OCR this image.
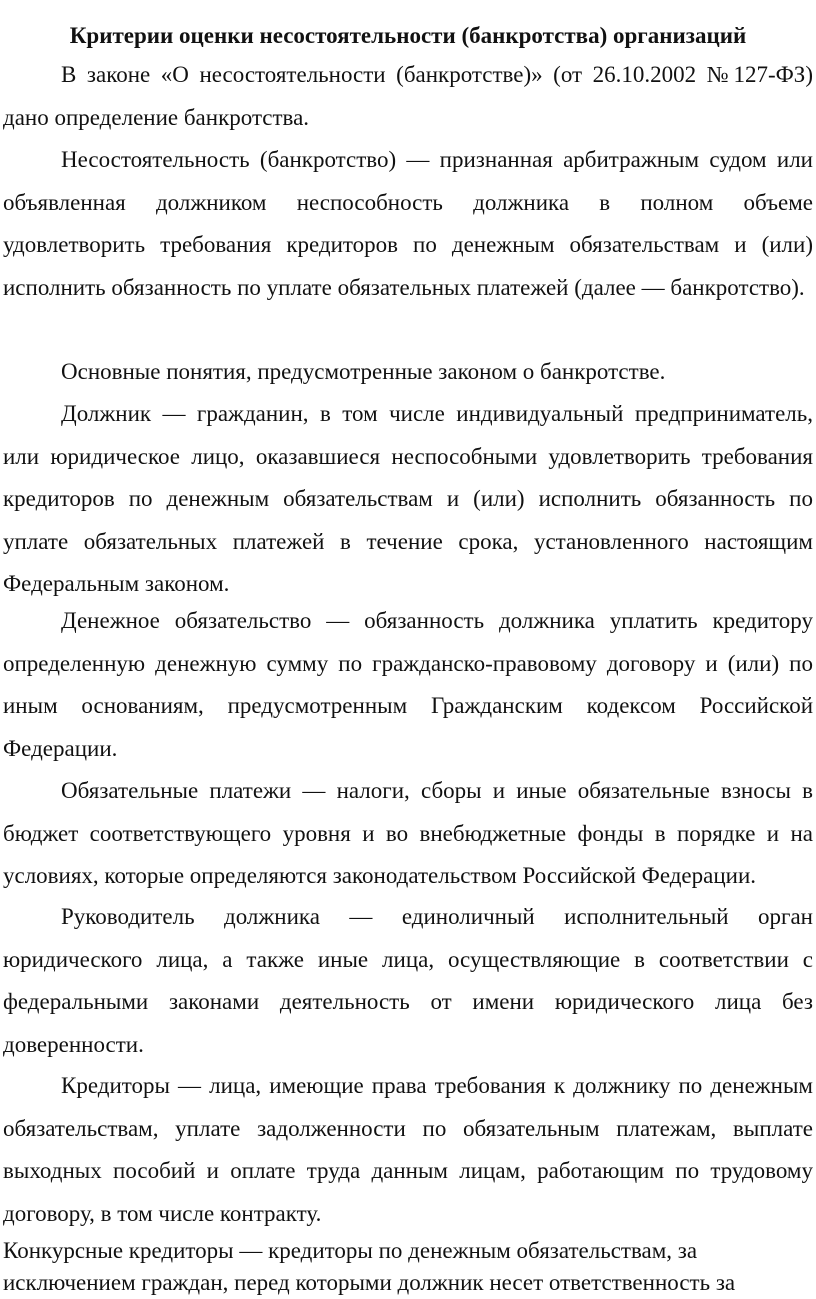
Критерии оценки несостоятельности (банкротства) организаций

В законе «О несостоятельности (банкротстве)» (от 26.10.2002 №127-ФЗ) дано определение банкротства.

Несостоятельность (банкротство) — признанная арбитражным судом или объявленная должником неспособность должника в полном объеме удовлетворить требования кредиторов по денежным обязательствам и (или) исполнить обязанность по уплате обязательных платежей (далее — банкротство).

Основные понятия, предусмотренные законом о банкротстве.

Должник — гражданин, в том числе индивидуальный предприниматель, или юридическое лицо, оказавшиеся неспособными удовлетворить требования кредиторов по денежным обязательствам и (или) исполнить обязанность по уплате обязательных платежей в течение срока, установленного настоящим Федеральным законом.

Денежное обязательство — обязанность должника уплатить кредитору определенную денежную сумму по гражданско-правовому договору и (или) по иным основаниям, предусмотренным Гражданским кодексом Российской Федерации.

Обязательные платежи — налоги, сборы и иные обязательные взносы в бюджет соответствующего уровня и во внебюджетные фонды в порядке и на условиях, которые определяются законодательством Российской Федерации.

Руководитель должника — единоличный исполнительный орган юридического лица, а также иные лица, осуществляющие в соответствии с федеральными законами деятельность от имени юридического лица без доверенности.

Кредиторы — лица, имеющие права требования к должнику по денежным обязательствам, уплате задолженности по обязательным платежам, выплате выходных пособий и оплате труда данным лицам, работающим по трудовому договору, в том числе контракту.

Конкурсные кредиторы — кредиторы по денежным обязательствам, за исключением граждан, перед которыми должник несет ответственность за
